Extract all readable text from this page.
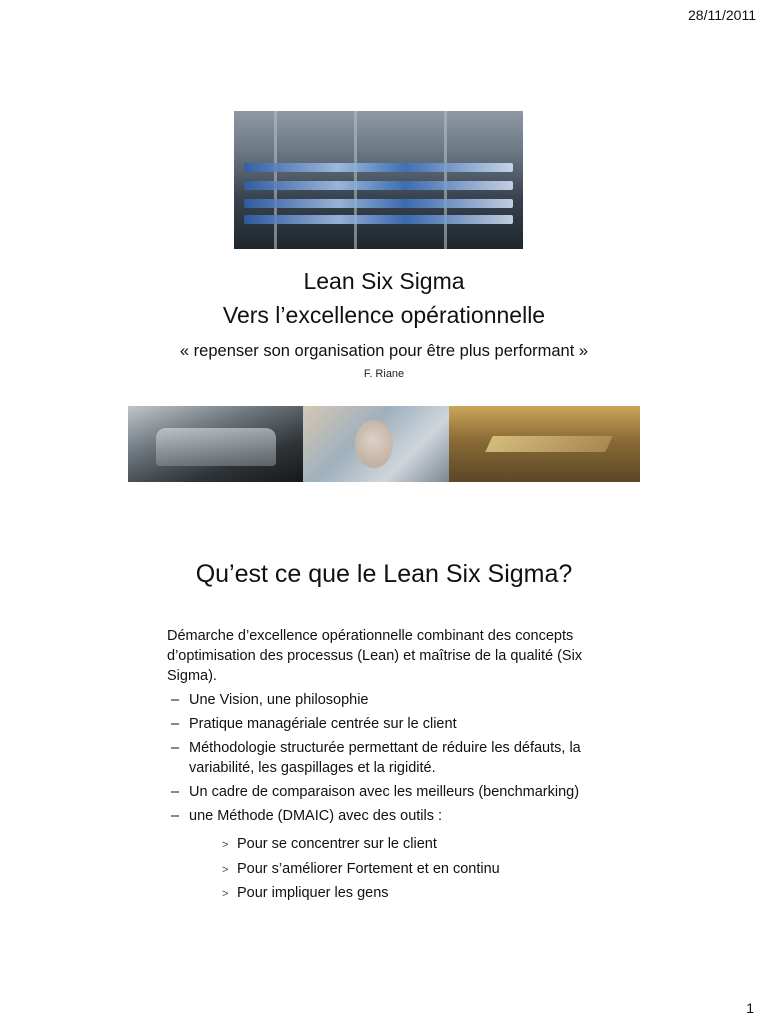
28/11/2011
Lean Six Sigma
Vers l’excellence opérationnelle
« repenser son organisation pour être plus performant »
F. Riane
Qu’est ce que le Lean Six Sigma?

Démarche d’excellence opérationnelle combinant des concepts d’optimisation des processus (Lean) et maîtrise de la qualité (Six Sigma).

– Une Vision, une philosophie
– Pratique managériale centrée sur le client
– Méthodologie structurée permettant de réduire les défauts, la variabilité, les gaspillages et la rigidité.
– Un cadre de comparaison avec les meilleurs (benchmarking)
– une Méthode (DMAIC) avec des outils :
> Pour se concentrer sur le client
> Pour s’améliorer Fortement et en continu
> Pour impliquer les gens
1
